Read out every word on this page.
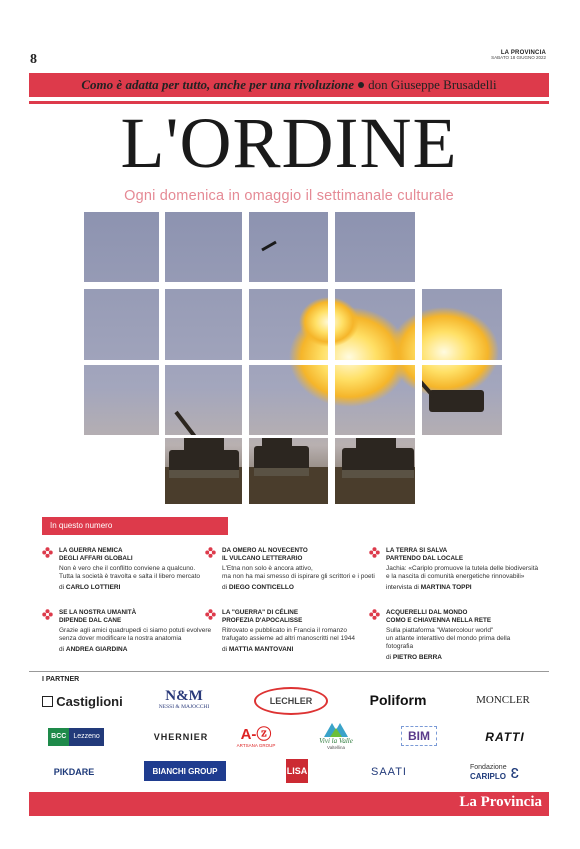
8	LA PROVINCIA
SABATO 18 GIUGNO 2022
Como è adatta per tutto, anche per una rivoluzione don Giuseppe Brusadelli
L'ORDINE
Ogni domenica in omaggio il settimanale culturale
In questo numero
LA GUERRA NEMICA
DEGLI AFFARI GLOBALI
Non è vero che il conflitto conviene a qualcuno.
Tutta la società è travolta e salta il libero mercato
di CARLO LOTTIERI
DA OMERO AL NOVECENTO
IL VULCANO LETTERARIO
L'Etna non solo è ancora attivo,
ma non ha mai smesso di ispirare gli scrittori e i poeti
di DIEGO CONTICELLO
LA TERRA SI SALVA
PARTENDO DAL LOCALE
Jachia: «Cariplo promuove la tutela delle biodiversità
e la nascita di comunità energetiche rinnovabili»
intervista di MARTINA TOPPI
SE LA NOSTRA UMANITÀ
DIPENDE DAL CANE
Grazie agli amici quadrupedi ci siamo potuti evolvere
senza dover modificare la nostra anatomia
di ANDREA GIARDINA
LA "GUERRA" DI CÉLINE
PROFEZIA D'APOCALISSE
Ritrovato e pubblicato in Francia il romanzo
trafugato assieme ad altri manoscritti nel 1944
di MATTIA MANTOVANI
ACQUERELLI DAL MONDO
COMO E CHIAVENNA NELLA RETE
Sulla piattaforma "Watercolour world"
un atlante interattivo del mondo prima della fotografia
di PIETRO BERRA
I PARTNER
Castiglioni	N&M
NESSI & MAJOCCHI
LECHLER	Poliform	MONCLER
BCC	Lezzeno	VHERNIER A-ⓩ
ARTSANA GROUP
Vivi la Valle
Valtellina
BIM	RATTI
PIKDARE	BIANCHI GROUP	LISA	SAATI	Fondazione
CARIPLO ɛ
La Provincia
